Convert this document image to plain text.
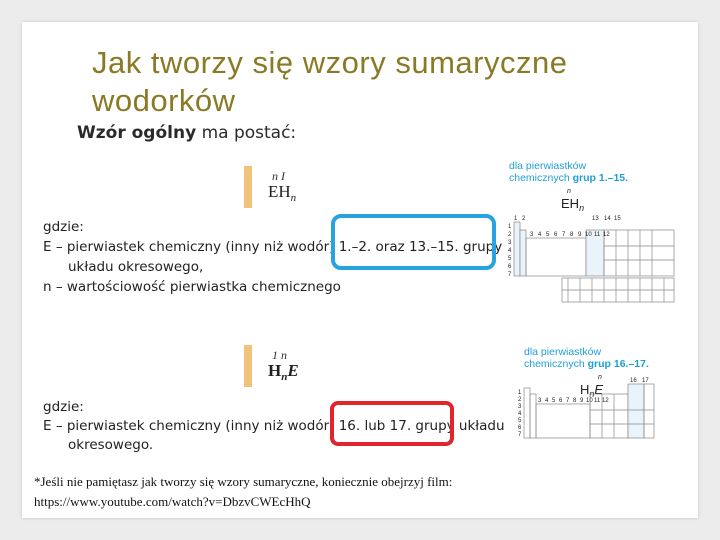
Jak tworzy się wzory sumaryczne
wodorków
Wzór ogólny ma postać:
n I
$EH_n$
gdzie:
E – pierwiastek chemiczny (inny niż wodór) 1.–2. oraz 13.–15. grupy
układu okresowego,
n – wartościowość pierwiastka chemicznego
dla pierwiastków
chemicznych grup 1.–15.
n
$EH_n$
1 2	13 14 15
3 4 5 6 7 8 9 10 11 12
1
2
3
4
5
6
7
1 n
$H_nE$
gdzie:
E – pierwiastek chemiczny (inny niż wodór) 16. lub 17. grupy układu
okresowego.
dla pierwiastków
chemicznych grup 16.–17.
n
$H_nE$
16 17
3 4 5 6 7 8 9 10 11 12
1
2
3
4
5
6
7
*Jeśli nie pamiętasz jak tworzy się wzory sumaryczne, koniecznie obejrzyj film:
https://www.youtube.com/watch?v=DbzvCWEcHhQ
